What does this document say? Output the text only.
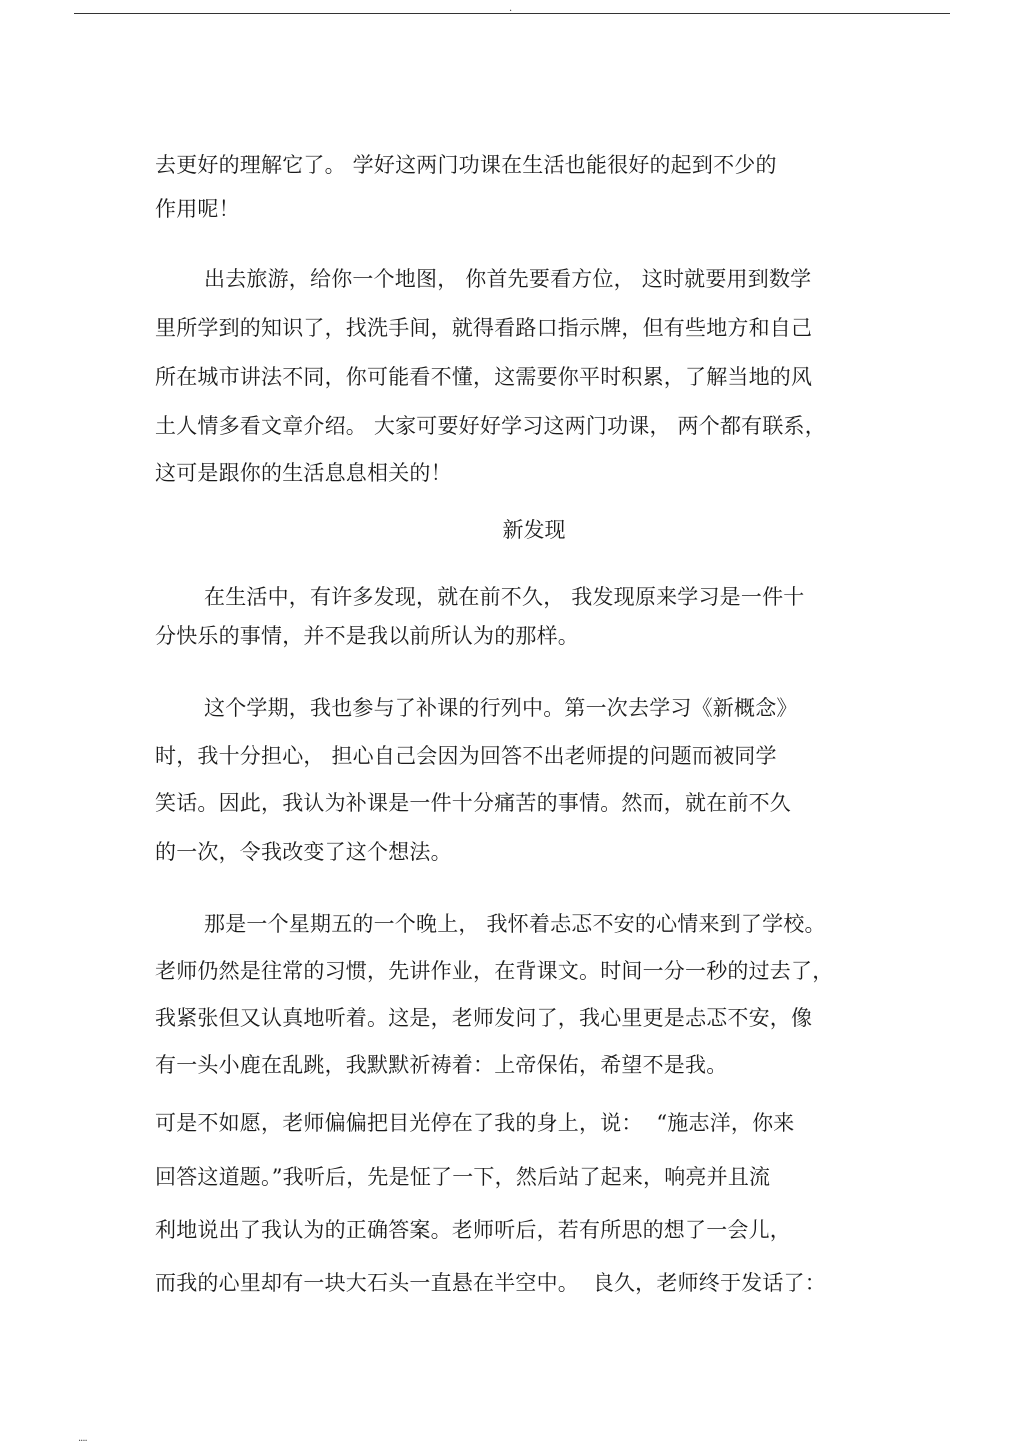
.
去更好的理解它了。 学好这两门功课在生活也能很好的起到不少的
作用呢！
出去旅游，给你一个地图， 你首先要看方位， 这时就要用到数学
里所学到的知识了，找洗手间，就得看路口指示牌，但有些地方和自己
所在城市讲法不同，你可能看不懂，这需要你平时积累，了解当地的风
土人情多看文章介绍。 大家可要好好学习这两门功课， 两个都有联系，
这可是跟你的生活息息相关的！
新发现
在生活中，有许多发现，就在前不久， 我发现原来学习是一件十
分快乐的事情，并不是我以前所认为的那样。
这个学期，我也参与了补课的行列中。第一次去学习《新概念》
时，我十分担心， 担心自己会因为回答不出老师提的问题而被同学
笑话。因此，我认为补课是一件十分痛苦的事情。然而，就在前不久
的一次，令我改变了这个想法。
那是一个星期五的一个晚上， 我怀着忐忑不安的心情来到了学校。
老师仍然是往常的习惯，先讲作业，在背课文。时间一分一秒的过去了，
我紧张但又认真地听着。这是，老师发问了，我心里更是忐忑不安，像
有一头小鹿在乱跳，我默默祈祷着：上帝保佑，希望不是我。
可是不如愿，老师偏偏把目光停在了我的身上，说：  “施志洋，你来
回答这道题。”我听后，先是怔了一下，然后站了起来，响亮并且流
利地说出了我认为的正确答案。老师听后，若有所思的想了一会儿，
而我的心里却有一块大石头一直悬在半空中。  良久，老师终于发话了：
....
